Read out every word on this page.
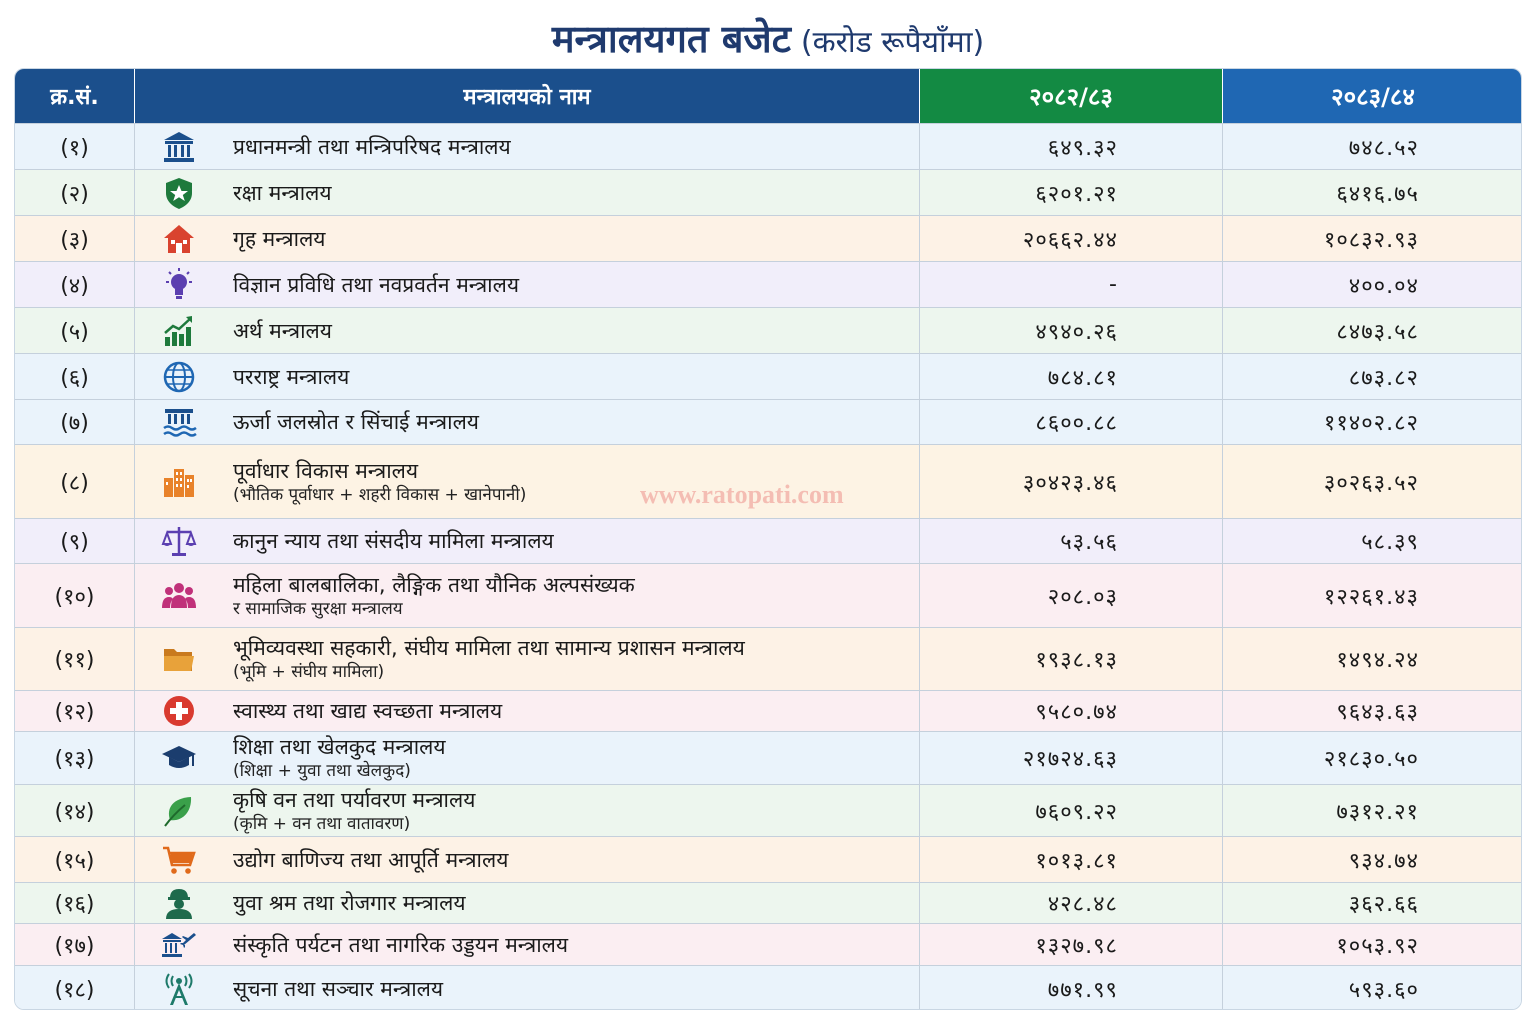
मन्त्रालयगत बजेट (करोड रूपैयाँमा)
क्र.सं.	मन्त्रालयको नाम	२०८२/८३	२०८३/८४
(१)	प्रधानमन्त्री तथा मन्त्रिपरिषद मन्त्रालय	६४९.३२	७४८.५२
(२)	रक्षा मन्त्रालय	६२०१.२१	६४१६.७५
(३)	गृह मन्त्रालय	२०६६२.४४	१०८३२.९३
(४)	विज्ञान प्रविधि तथा नवप्रवर्तन मन्त्रालय	-	४००.०४
(५)	अर्थ मन्त्रालय	४९४०.२६	८४७३.५८
(६)	परराष्ट्र मन्त्रालय	७८४.८१	८७३.८२
(७)	ऊर्जा जलस्रोत र सिंचाई मन्त्रालय	८६००.८८	११४०२.८२
(८)	पूर्वाधार विकास मन्त्रालय
(भौतिक पूर्वाधार + शहरी विकास + खानेपानी)	३०४२३.४६	३०२६३.५२
(९)	कानुन न्याय तथा संसदीय मामिला मन्त्रालय	५३.५६	५८.३९
(१०)	महिला बालबालिका, लैङ्गिक तथा यौनिक अल्पसंख्यक
र सामाजिक सुरक्षा मन्त्रालय	२०८.०३	१२२६१.४३
(११)	भूमिव्यवस्था सहकारी, संघीय मामिला तथा सामान्य प्रशासन मन्त्रालय
(भूमि + संघीय मामिला)	१९३८.१३	१४९४.२४
(१२)	स्वास्थ्य तथा खाद्य स्वच्छता मन्त्रालय	९५८०.७४	९६४३.६३
(१३)	शिक्षा तथा खेलकुद मन्त्रालय
(शिक्षा + युवा तथा खेलकुद)	२१७२४.६३	२१८३०.५०
(१४)	कृषि वन तथा पर्यावरण मन्त्रालय
(कृमि + वन तथा वातावरण)	७६०९.२२	७३१२.२१
(१५)	उद्योग बाणिज्य तथा आपूर्ति मन्त्रालय	१०१३.८१	९३४.७४
(१६)	युवा श्रम तथा रोजगार मन्त्रालय	४२८.४८	३६२.६६
(१७)	संस्कृति पर्यटन तथा नागरिक उड्डयन मन्त्रालय	१३२७.९८	१०५३.९२
(१८)	सूचना तथा सञ्चार मन्त्रालय	७७१.९९	५९३.६०
www.ratopati.com
